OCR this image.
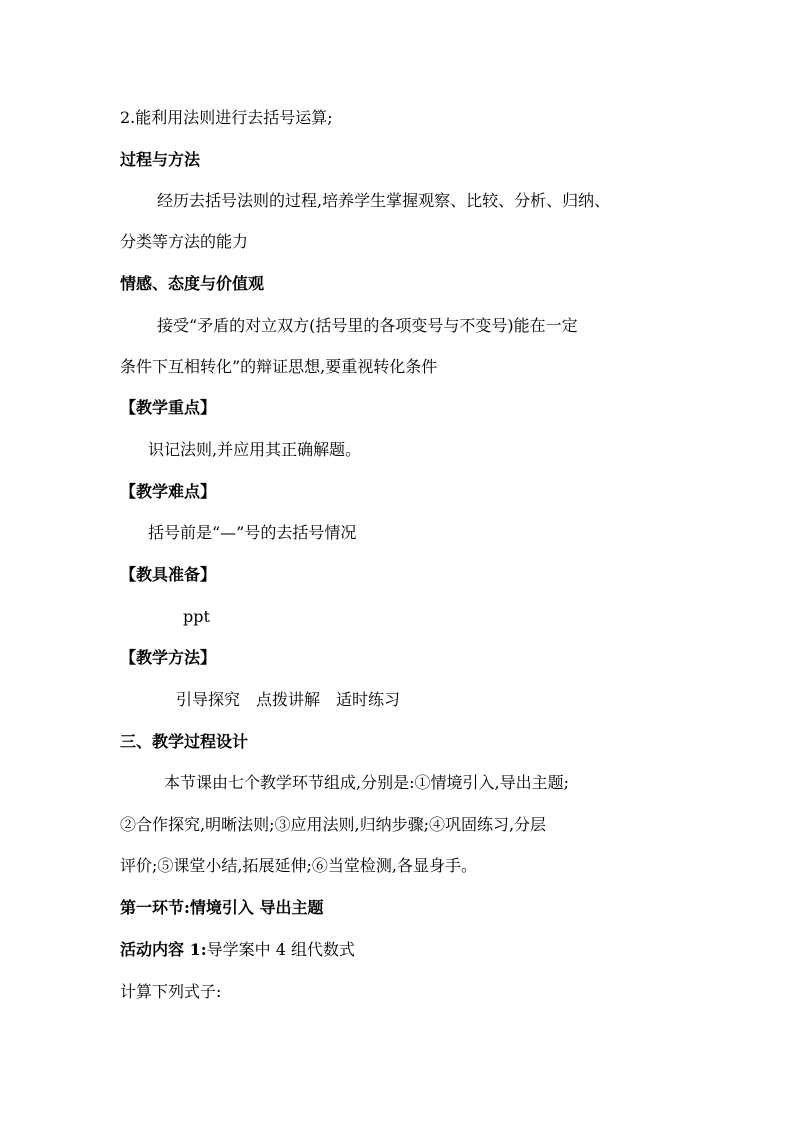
2.能利用法则进行去括号运算;
过程与方法
经历去括号法则的过程,培养学生掌握观察、比较、分析、归纳、
分类等方法的能力
情感、态度与价值观
接受“矛盾的对立双方(括号里的各项变号与不变号)能在一定
条件下互相转化”的辩证思想,要重视转化条件
【教学重点】
识记法则,并应用其正确解题。
【教学难点】
括号前是“—”号的去括号情况
【教具准备】
ppt
【教学方法】
引导探究　点拨讲解　适时练习
三、教学过程设计
本节课由七个教学环节组成,分别是:①情境引入,导出主题;
②合作探究,明晰法则;③应用法则,归纳步骤;④巩固练习,分层
评价;⑤课堂小结,拓展延伸;⑥当堂检测,各显身手。
第一环节:情境引入 导出主题
活动内容 1:导学案中 4 组代数式
计算下列式子:
